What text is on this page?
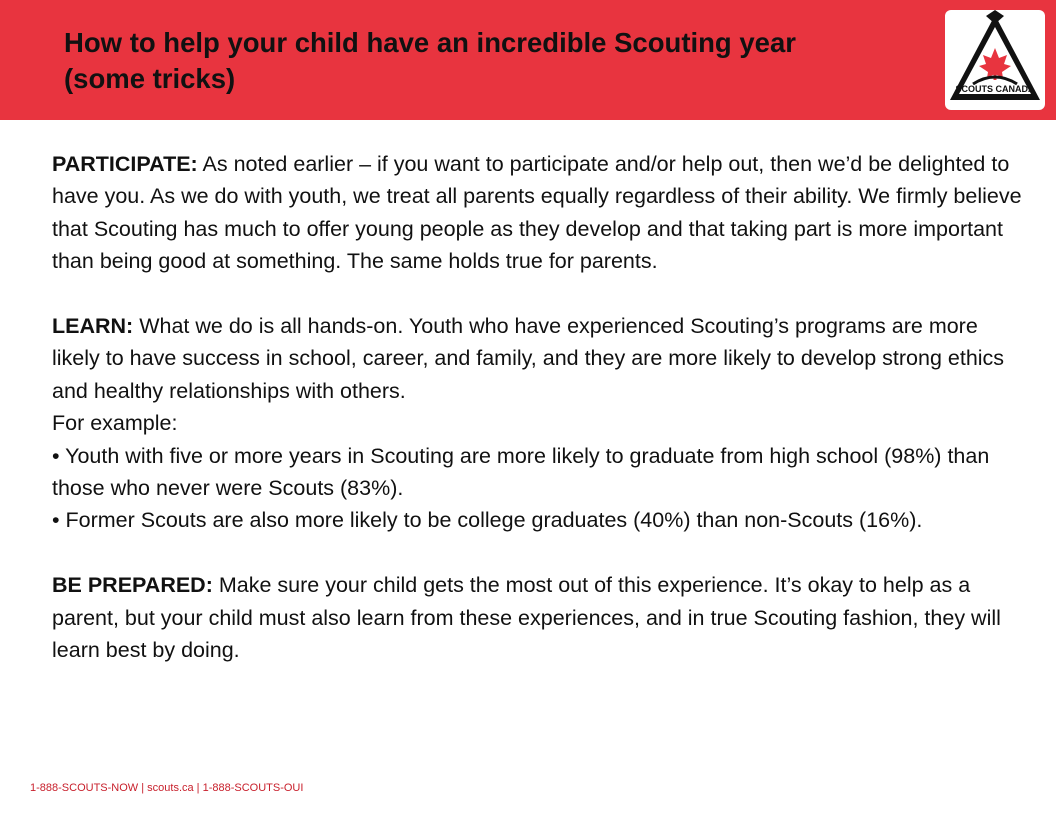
How to help your child have an incredible Scouting year
(some tricks)	SCOUTS CANADA

PARTICIPATE: As noted earlier – if you want to participate and/or help out, then we’d be delighted to have you. As we do with youth, we treat all parents equally regardless of their ability. We firmly believe that Scouting has much to offer young people as they develop and that taking part is more important than being good at something. The same holds true for parents.

LEARN: What we do is all hands-on. Youth who have experienced Scouting’s programs are more likely to have success in school, career, and family, and they are more likely to develop strong ethics and healthy relationships with others.

For example:

• Youth with five or more years in Scouting are more likely to graduate from high school (98%) than those who never were Scouts (83%).

• Former Scouts are also more likely to be college graduates (40%) than non-Scouts (16%).

BE PREPARED: Make sure your child gets the most out of this experience. It’s okay to help as a parent, but your child must also learn from these experiences, and in true Scouting fashion, they will learn best by doing.

1-888-SCOUTS-NOW | scouts.ca | 1-888-SCOUTS-OUI
